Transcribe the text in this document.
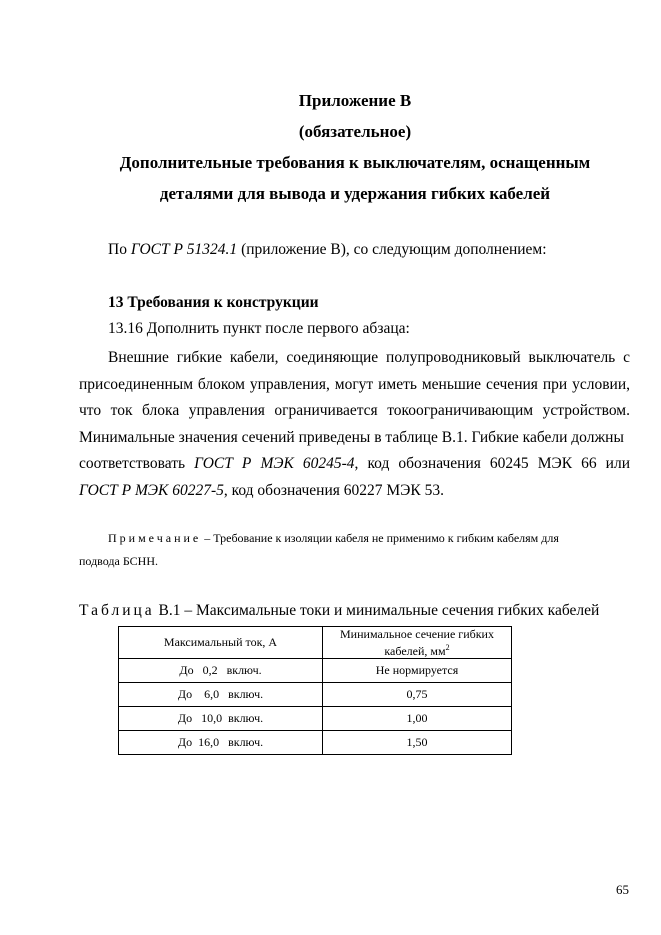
Приложение В
(обязательное)
Дополнительные требования к выключателям, оснащенным
деталями для вывода и удержания гибких кабелей
По ГОСТ Р 51324.1 (приложение В), со следующим дополнением:
13 Требования к конструкции
13.16 Дополнить пункт после первого абзаца:
Внешние гибкие кабели, соединяющие полупроводниковый выключатель с
присоединенным блоком управления, могут иметь меньшие сечения при условии,
что ток блока управления ограничивается токоограничивающим устройством.
Минимальные значения сечений приведены в таблице В.1. Гибкие кабели должны
соответствовать ГОСТ Р МЭК 60245-4, код обозначения 60245 МЭК 66 или
ГОСТ Р МЭК 60227-5, код обозначения 60227 МЭК 53.
Примечание – Требование к изоляции кабеля не применимо к гибким кабелям для
подвода БСНН.
Таблица В.1 – Максимальные токи и минимальные сечения гибких кабелей
Максимальный ток, А	Минимальное сечение гибких
кабелей, $мм^2$
До   0,2   включ.	Не нормируется
До    6,0   включ.	0,75
До   10,0  включ.	1,00
До  16,0   включ.	1,50
65
